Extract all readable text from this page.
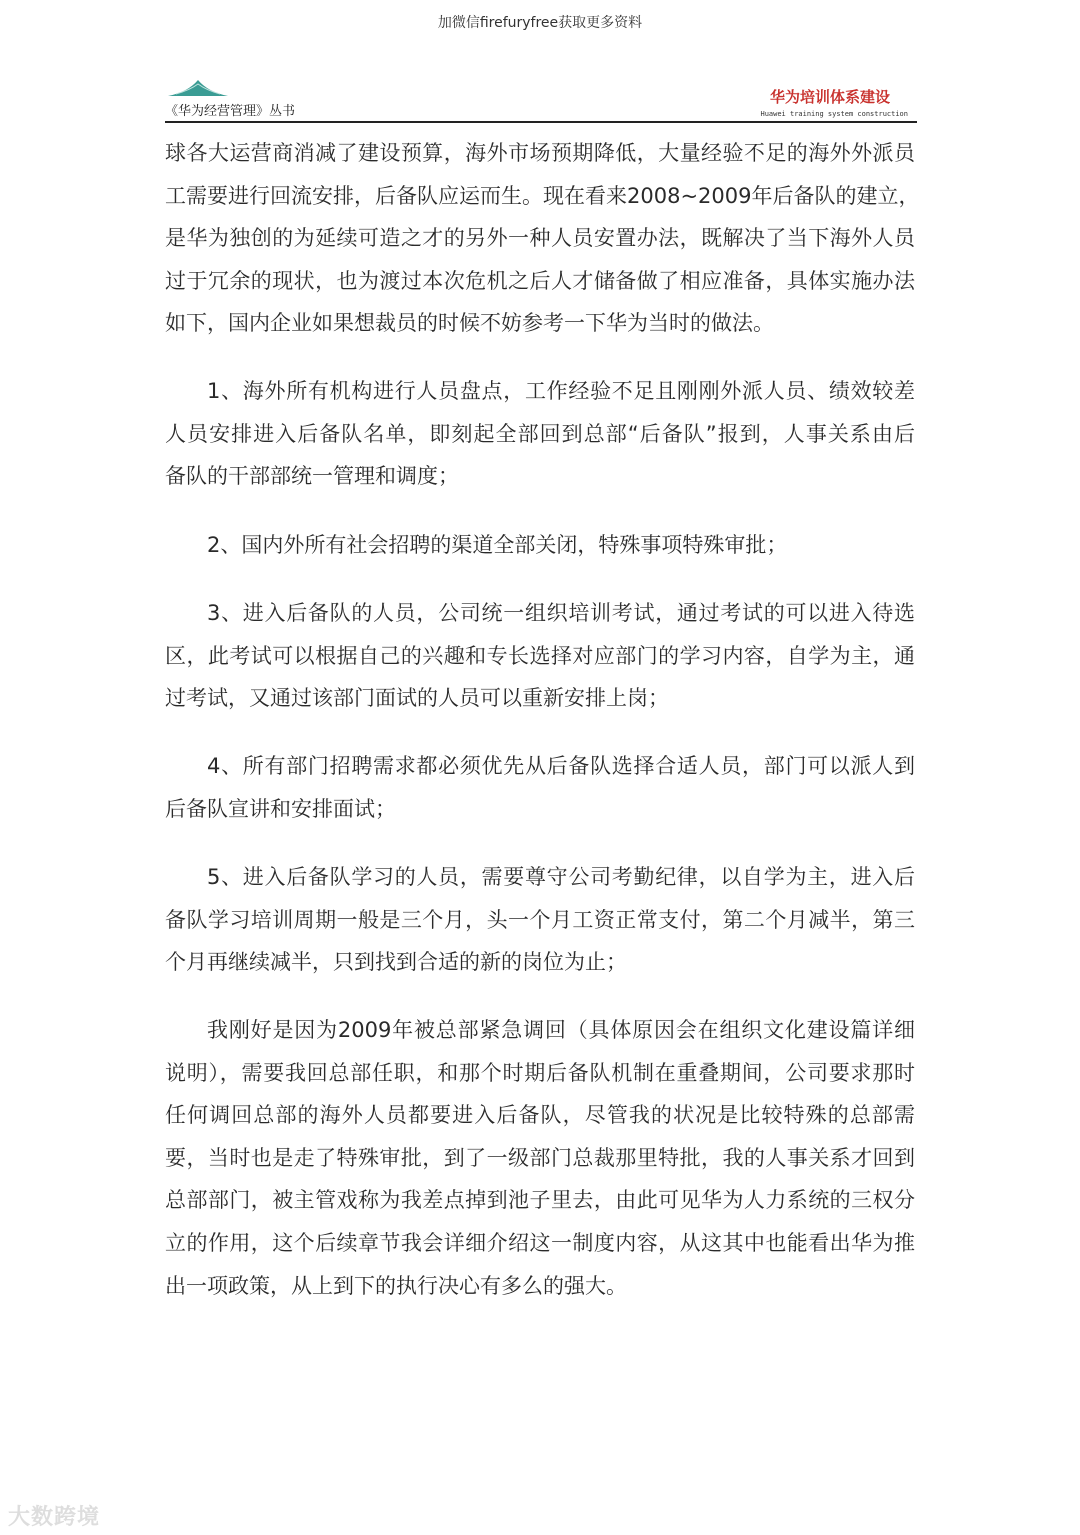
加微信firefuryfree获取更多资料
《华为经营管理》丛书
华为培训体系建设
Huawei training system construction
球各大运营商消减了建设预算，海外市场预期降低，大量经验不足的海外外派员
工需要进行回流安排，后备队应运而生。现在看来2008~2009年后备队的建立，
是华为独创的为延续可造之才的另外一种人员安置办法，既解决了当下海外人员
过于冗余的现状，也为渡过本次危机之后人才储备做了相应准备，具体实施办法
如下，国内企业如果想裁员的时候不妨参考一下华为当时的做法。
1、海外所有机构进行人员盘点，工作经验不足且刚刚外派人员、绩效较差
人员安排进入后备队名单，即刻起全部回到总部“后备队”报到，人事关系由后
备队的干部部统一管理和调度；
2、国内外所有社会招聘的渠道全部关闭，特殊事项特殊审批；
3、进入后备队的人员，公司统一组织培训考试，通过考试的可以进入待选
区，此考试可以根据自己的兴趣和专长选择对应部门的学习内容，自学为主，通
过考试，又通过该部门面试的人员可以重新安排上岗；
4、所有部门招聘需求都必须优先从后备队选择合适人员，部门可以派人到
后备队宣讲和安排面试；
5、进入后备队学习的人员，需要尊守公司考勤纪律，以自学为主，进入后
备队学习培训周期一般是三个月，头一个月工资正常支付，第二个月减半，第三
个月再继续减半，只到找到合适的新的岗位为止；
我刚好是因为2009年被总部紧急调回（具体原因会在组织文化建设篇详细
说明），需要我回总部任职，和那个时期后备队机制在重叠期间，公司要求那时
任何调回总部的海外人员都要进入后备队，尽管我的状况是比较特殊的总部需
要，当时也是走了特殊审批，到了一级部门总裁那里特批，我的人事关系才回到
总部部门，被主管戏称为我差点掉到池子里去，由此可见华为人力系统的三权分
立的作用，这个后续章节我会详细介绍这一制度内容，从这其中也能看出华为推
出一项政策，从上到下的执行决心有多么的强大。
大数跨境
